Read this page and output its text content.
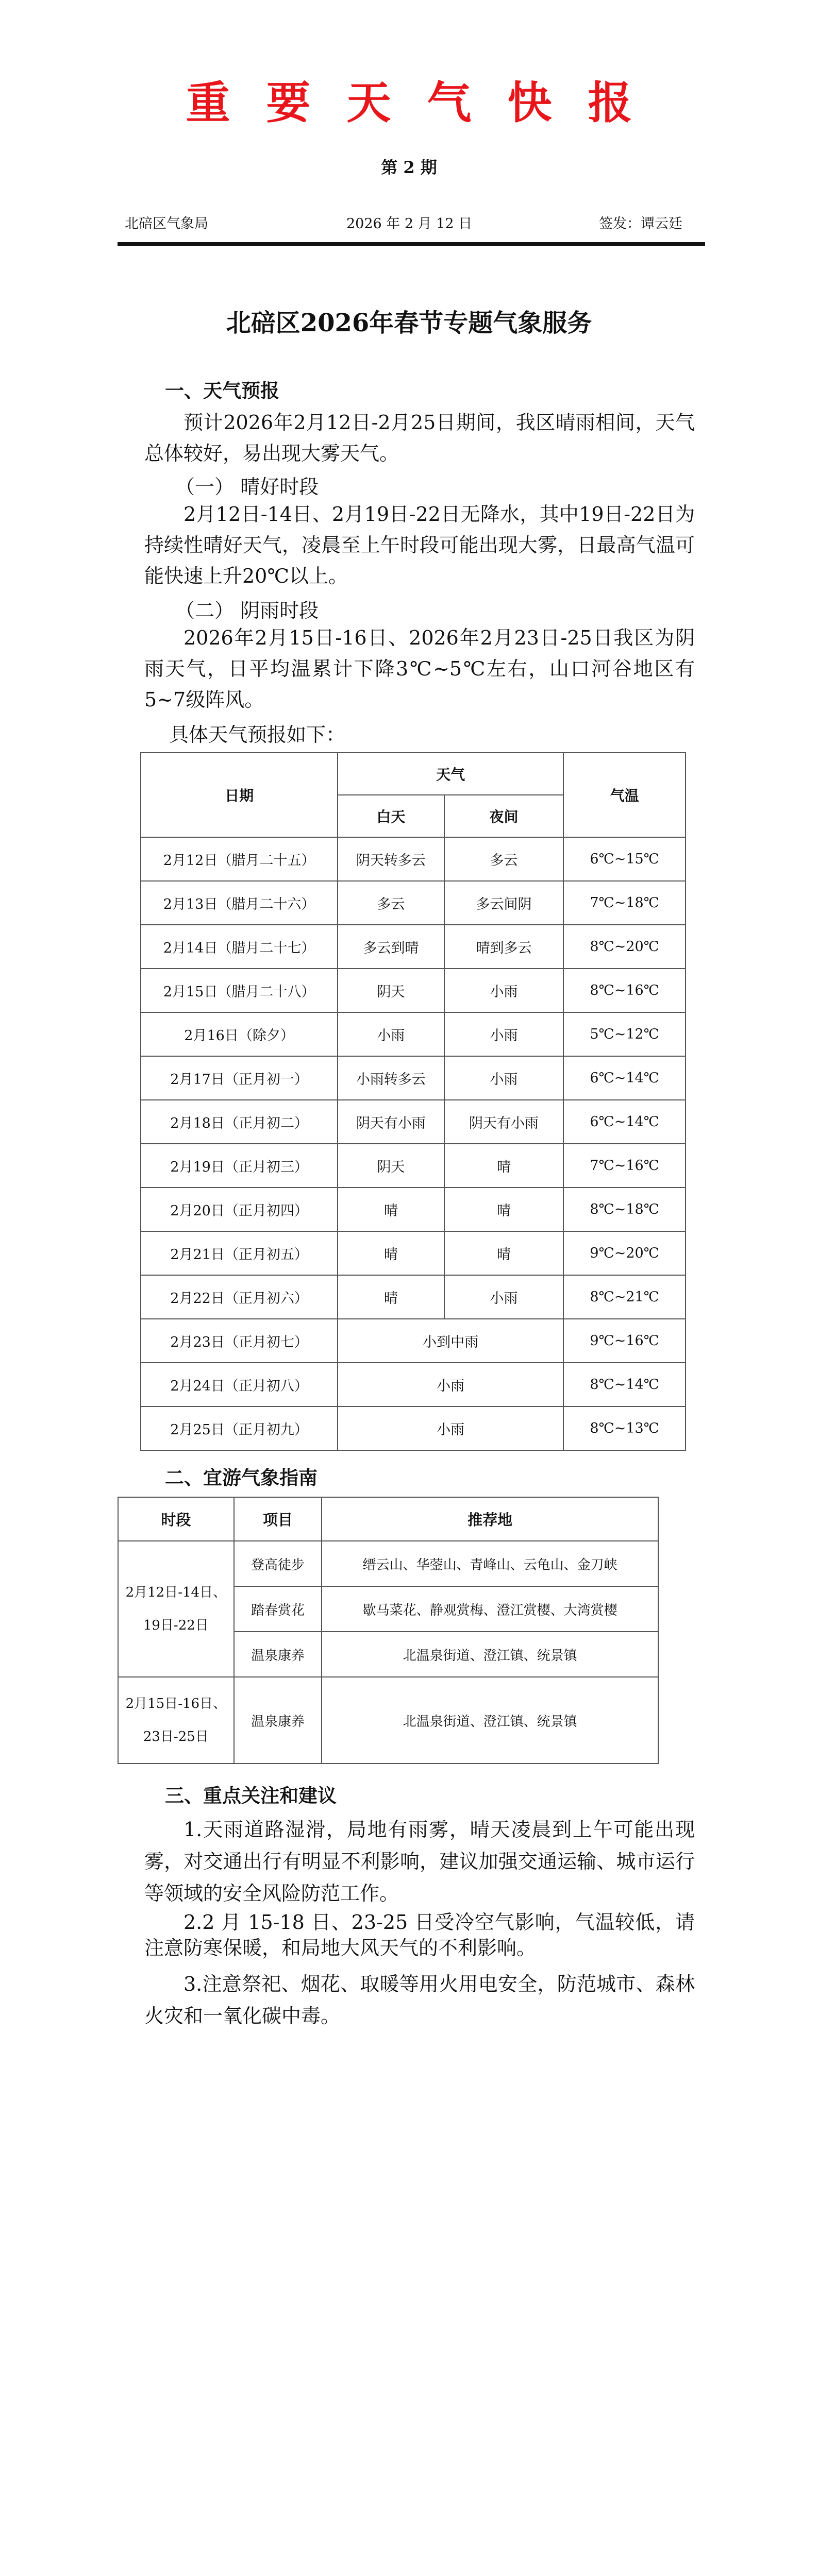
重要天气快报
第 2 期
北碚区气象局	2026 年 2 月 12 日	签发：谭云廷
北碚区2026年春节专题气象服务
一、天气预报

预计2026年2月12日-2月25日期间，我区晴雨相间，天气总体较好，易出现大雾天气。

（一） 晴好时段

2月12日-14日、2月19日-22日无降水，其中19日-22日为持续性晴好天气，凌晨至上午时段可能出现大雾，日最高气温可能快速上升20℃以上。

（二） 阴雨时段

2026年2月15日-16日、2026年2月23日-25日我区为阴雨天气，日平均温累计下降3℃~5℃左右，山口河谷地区有5~7级阵风。

具体天气预报如下：
日期	天气		气温
	白天	夜间	
2月12日（腊月二十五）	阴天转多云	多云	6℃~15℃
2月13日（腊月二十六）	多云	多云间阴	7℃~18℃
2月14日（腊月二十七）	多云到晴	晴到多云	8℃~20℃
2月15日（腊月二十八）	阴天	小雨	8℃~16℃
2月16日（除夕）	小雨	小雨	5℃~12℃
2月17日（正月初一）	小雨转多云	小雨	6℃~14℃
2月18日（正月初二）	阴天有小雨	阴天有小雨	6℃~14℃
2月19日（正月初三）	阴天	晴	7℃~16℃
2月20日（正月初四）	晴	晴	8℃~18℃
2月21日（正月初五）	晴	晴	9℃~20℃
2月22日（正月初六）	晴	小雨	8℃~21℃
2月23日（正月初七）	小到中雨		9℃~16℃
2月24日（正月初八）	小雨		8℃~14℃
2月25日（正月初九）	小雨		8℃~13℃
二、宜游气象指南
时段	项目	推荐地
2月12日-14日、19日-22日	登高徒步	缙云山、华蓥山、青峰山、云龟山、金刀峡
	踏春赏花	歇马菜花、静观赏梅、澄江赏樱、大湾赏樱
	温泉康养	北温泉街道、澄江镇、统景镇
2月15日-16日、23日-25日	温泉康养	北温泉街道、澄江镇、统景镇
三、重点关注和建议

1.天雨道路湿滑，局地有雨雾，晴天凌晨到上午可能出现雾，对交通出行有明显不利影响，建议加强交通运输、城市运行等领域的安全风险防范工作。

2.2 月 15-18 日、23-25 日受冷空气影响，气温较低，请注意防寒保暖，和局地大风天气的不利影响。

3.注意祭祀、烟花、取暖等用火用电安全，防范城市、森林火灾和一氧化碳中毒。
